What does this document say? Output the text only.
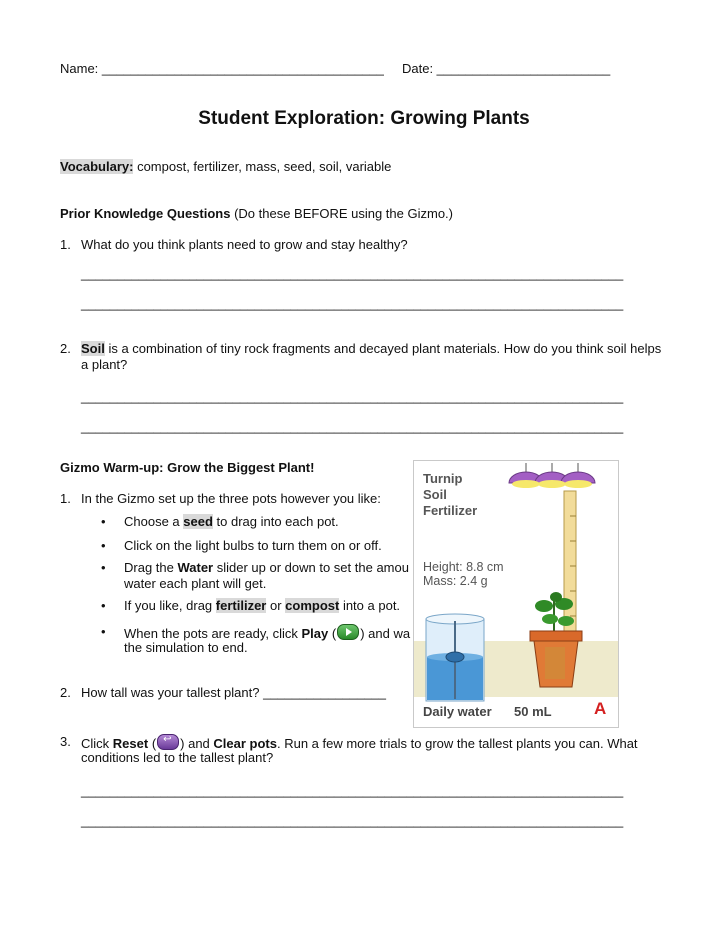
Name: _______________________________________ Date: ________________________
Student Exploration: Growing Plants
Vocabulary: compost, fertilizer, mass, seed, soil, variable
Prior Knowledge Questions (Do these BEFORE using the Gizmo.)
1. What do you think plants need to grow and stay healthy?
___________________________________________________________________________
___________________________________________________________________________
2. Soil is a combination of tiny rock fragments and decayed plant materials. How do you think soil helps
a plant?
___________________________________________________________________________
___________________________________________________________________________
Gizmo Warm-up: Grow the Biggest Plant!
1. In the Gizmo set up the three pots however you like:
• Choose a seed to drag into each pot.
• Click on the light bulbs to turn them on or off.
• Drag the Water slider up or down to set the amou
water each plant will get.
• If you like, drag fertilizer or compost into a pot.
• When the pots are ready, click Play ( ) and wa
the simulation to end.
2. How tall was your tallest plant? _________________
3. Click Reset (↩ ) and Clear pots. Run a few more trials to grow the tallest plants you can. What
conditions led to the tallest plant?
___________________________________________________________________________
___________________________________________________________________________
Turnip
Soil
Fertilizer
Height: 8.8 cm
Mass: 2.4 g
Daily water 50 mL A
